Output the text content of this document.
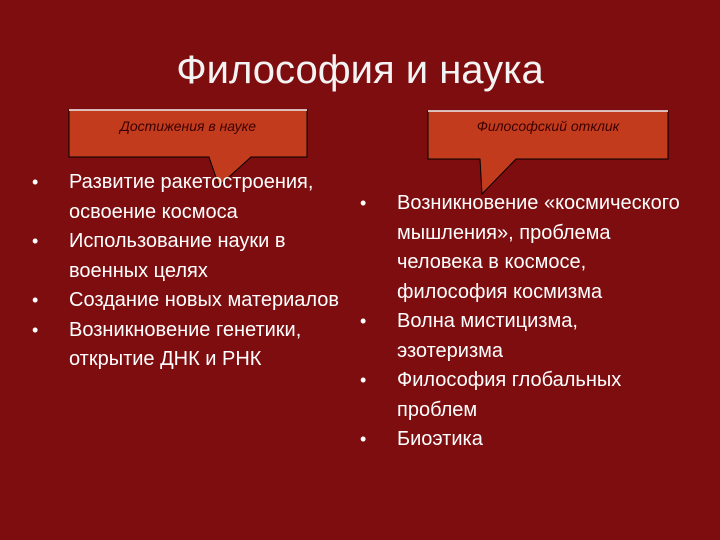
Философия и наука
Достижения в науке	Философский отклик
• Развитие ракетостроения, освоение космоса
• Использование науки в военных целях
• Создание новых материалов
• Возникновение генетики, открытие ДНК и РНК
• Возникновение «космического мышления», проблема человека в космосе, философия космизма
• Волна мистицизма, эзотеризма
• Философия глобальных проблем
• Биоэтика
